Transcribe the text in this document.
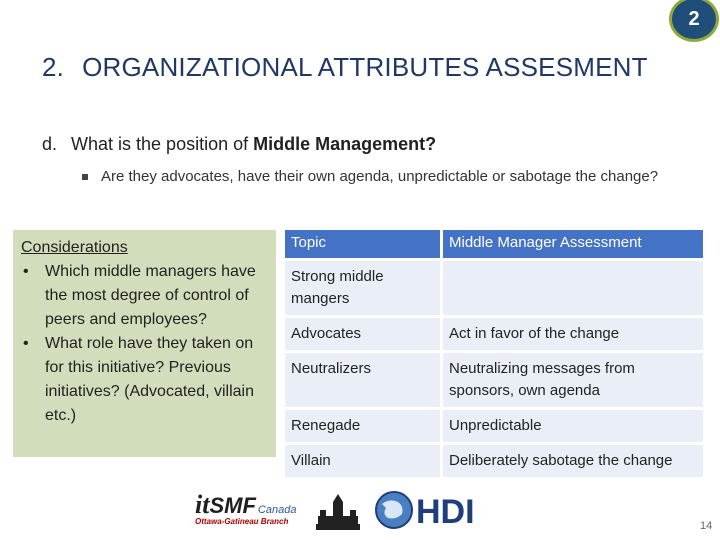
2
2. ORGANIZATIONAL ATTRIBUTES ASSESMENT
d. What is the position of Middle Management?
Are they advocates, have their own agenda, unpredictable or sabotage the change?
Considerations
• Which middle managers have the most degree of control of peers and employees?
• What role have they taken on for this initiative? Previous initiatives? (Advocated, villain etc.)
Topic	Middle Manager Assessment
Strong middle mangers
Advocates	Act in favor of the change
Neutralizers	Neutralizing messages from sponsors, own agenda
Renegade	Unpredictable
Villain	Deliberately sabotage the change
itSMF Canada
Ottawa-Gatineau Branch	HDI	14
